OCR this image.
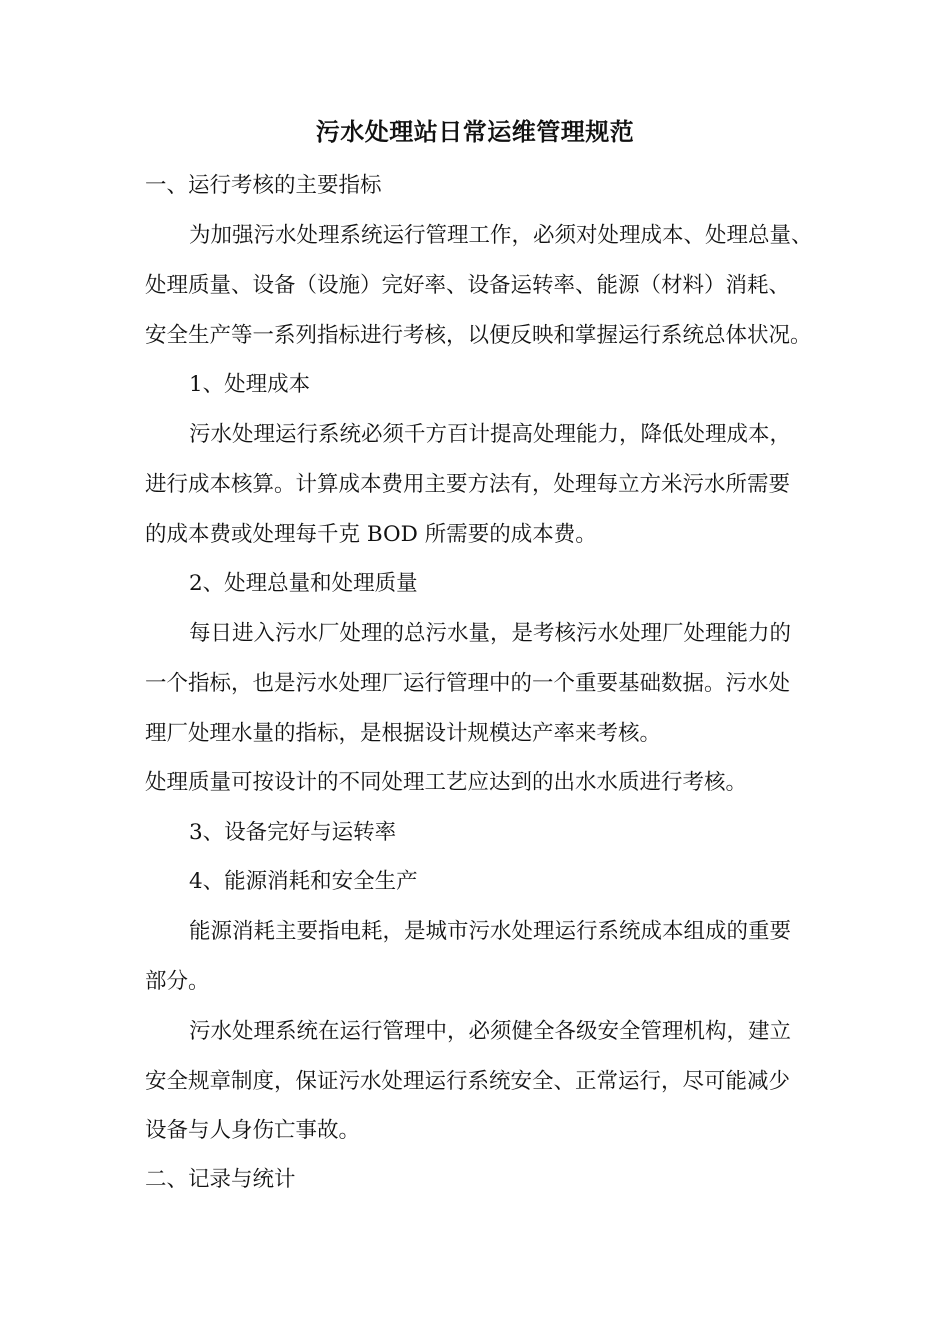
污水处理站日常运维管理规范
一、运行考核的主要指标
为加强污水处理系统运行管理工作，必须对处理成本、处理总量、
处理质量、设备（设施）完好率、设备运转率、能源（材料）消耗、
安全生产等一系列指标进行考核，以便反映和掌握运行系统总体状况。
1、处理成本
污水处理运行系统必须千方百计提高处理能力，降低处理成本，
进行成本核算。计算成本费用主要方法有，处理每立方米污水所需要
的成本费或处理每千克 BOD 所需要的成本费。
2、处理总量和处理质量
每日进入污水厂处理的总污水量，是考核污水处理厂处理能力的
一个指标，也是污水处理厂运行管理中的一个重要基础数据。污水处
理厂处理水量的指标，是根据设计规模达产率来考核。
处理质量可按设计的不同处理工艺应达到的出水水质进行考核。
3、设备完好与运转率
4、能源消耗和安全生产
能源消耗主要指电耗，是城市污水处理运行系统成本组成的重要
部分。
污水处理系统在运行管理中，必须健全各级安全管理机构，建立
安全规章制度，保证污水处理运行系统安全、正常运行，尽可能减少
设备与人身伤亡事故。
二、记录与统计
